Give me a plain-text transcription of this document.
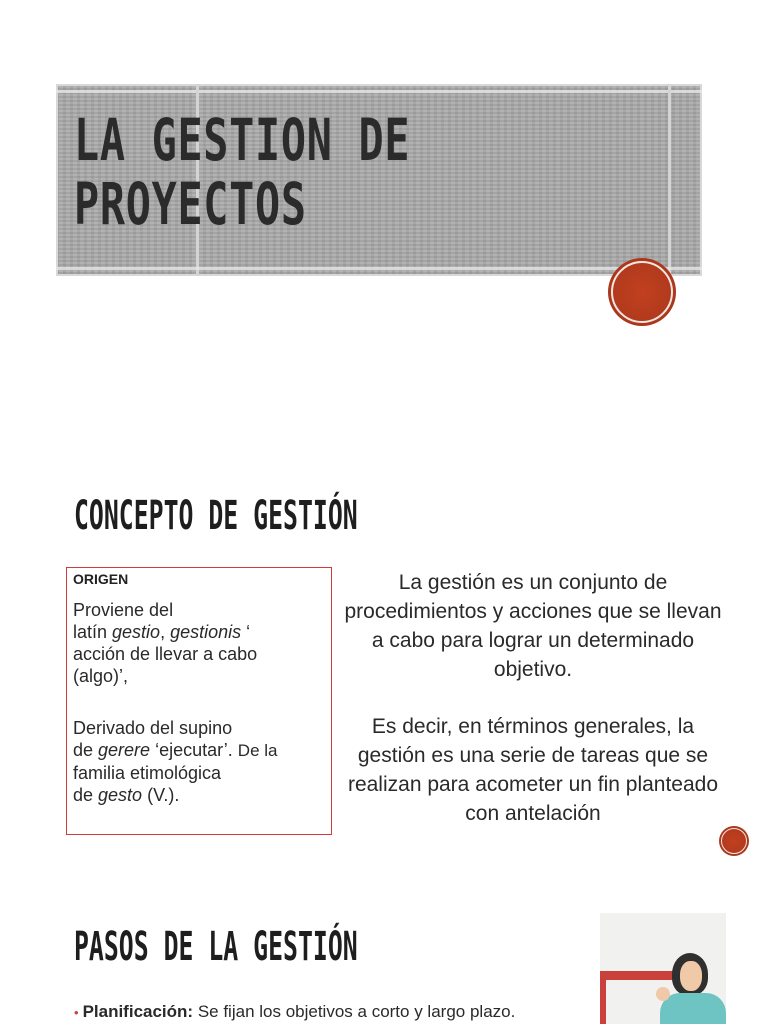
LA GESTION DE
PROYECTOS
CONCEPTO DE GESTIÓN
ORIGEN
Proviene del
latín gestio, gestionis ‘
acción de llevar a cabo
(algo)’,
Derivado del supino
de gerere ‘ejecutar’. De la
familia etimológica
de gesto (V.).

La gestión es un conjunto de procedimientos y acciones que se llevan a cabo para lograr un determinado objetivo.

Es decir, en términos generales, la gestión es una serie de tareas que se realizan para acometer un fin planteado con antelación

PASOS DE LA GESTIÓN

• Planificación: Se fijan los objetivos a corto y largo plazo.
